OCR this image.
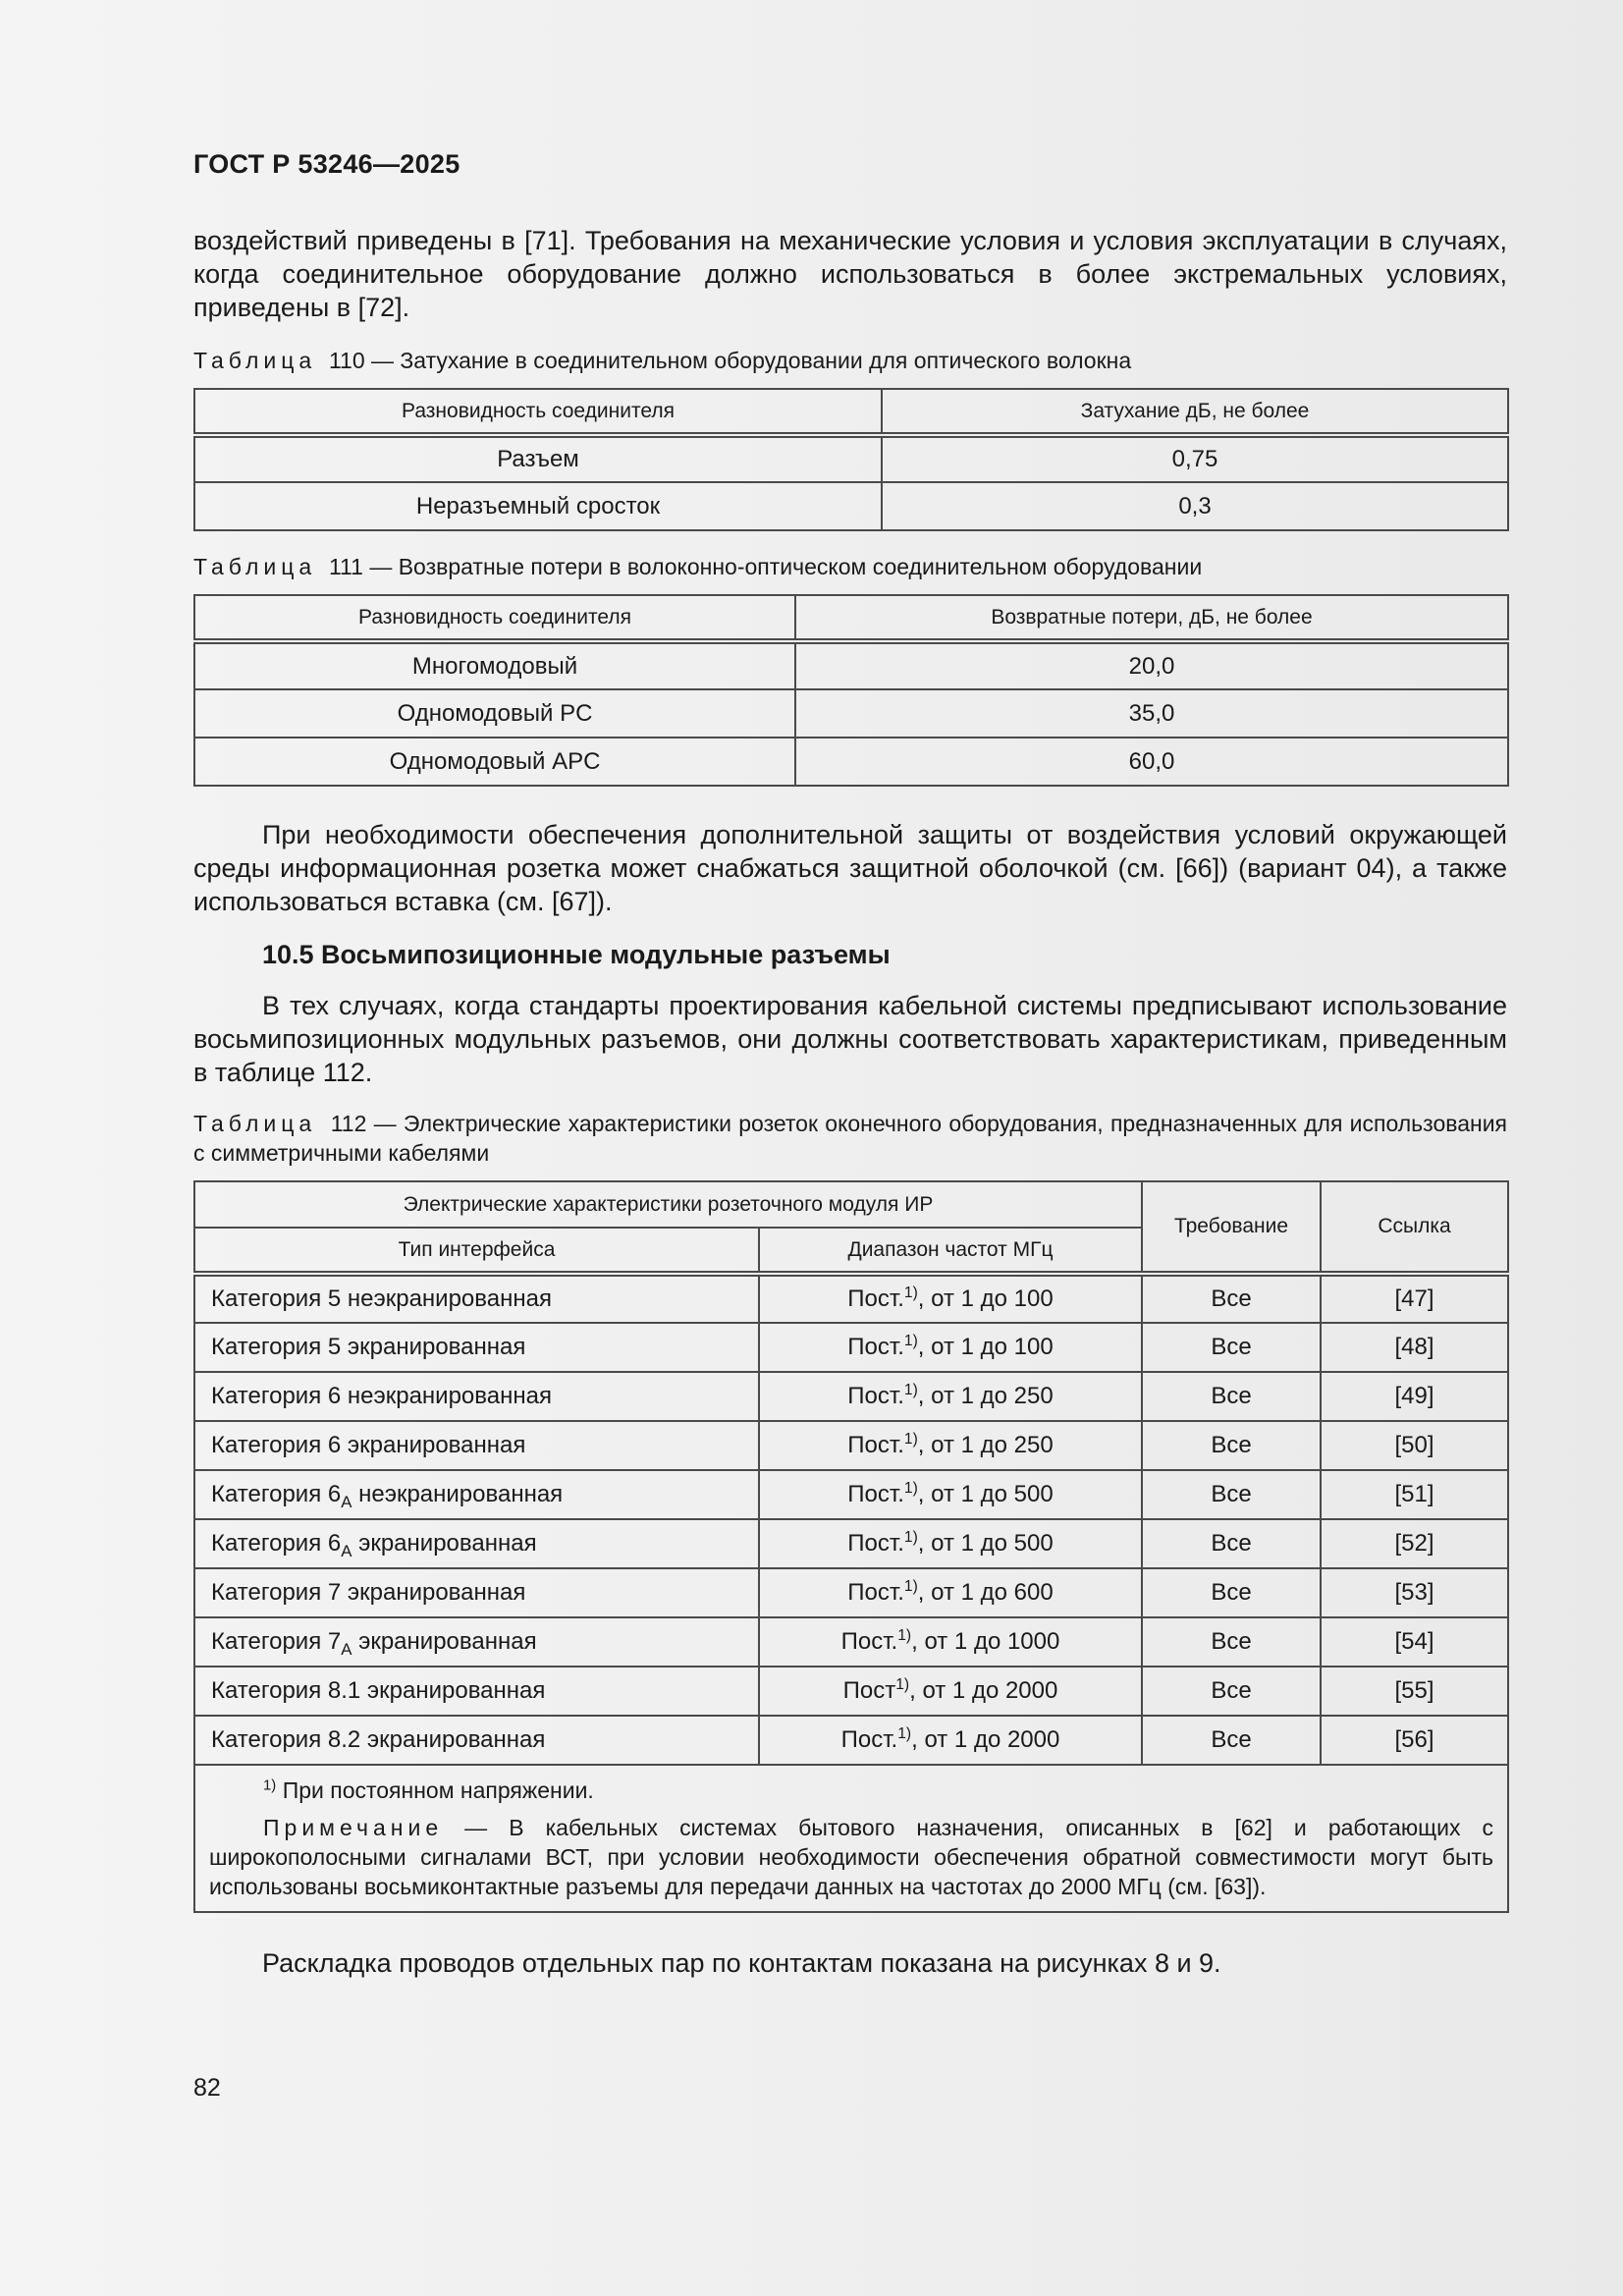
ГОСТ Р 53246—2025
воздействий приведены в [71]. Требования на механические условия и условия эксплуатации в случаях, когда соединительное оборудование должно использоваться в более экстремальных условиях, приведены в [72].
Таблица 110 — Затухание в соединительном оборудовании для оптического волокна
Разновидность соединителя	Затухание дБ, не более
Разъем	0,75
Неразъемный сросток	0,3
Таблица 111 — Возвратные потери в волоконно-оптическом соединительном оборудовании
Разновидность соединителя	Возвратные потери, дБ, не более
Многомодовый	20,0
Одномодовый PC	35,0
Одномодовый APC	60,0
При необходимости обеспечения дополнительной защиты от воздействия условий окружающей среды информационная розетка может снабжаться защитной оболочкой (см. [66]) (вариант 04), а также использоваться вставка (см. [67]).
10.5 Восьмипозиционные модульные разъемы
В тех случаях, когда стандарты проектирования кабельной системы предписывают использование восьмипозиционных модульных разъемов, они должны соответствовать характеристикам, приведенным в таблице 112.
Таблица 112 — Электрические характеристики розеток оконечного оборудования, предназначенных для использования с симметричными кабелями
Электрические характеристики розеточного модуля ИР		Требование	Ссылка
Тип интерфейса	Диапазон частот МГц		
Категория 5 неэкранированная	Пост.$^{1)}$, от 1 до 100	Все	[47]
Категория 5 экранированная	Пост.$^{1)}$, от 1 до 100	Все	[48]
Категория 6 неэкранированная	Пост.$^{1)}$, от 1 до 250	Все	[49]
Категория 6 экранированная	Пост.$^{1)}$, от 1 до 250	Все	[50]
Категория $6_A$ неэкранированная	Пост.$^{1)}$, от 1 до 500	Все	[51]
Категория $6_A$ экранированная	Пост.$^{1)}$, от 1 до 500	Все	[52]
Категория 7 экранированная	Пост.$^{1)}$, от 1 до 600	Все	[53]
Категория $7_A$ экранированная	Пост.$^{1)}$, от 1 до 1000	Все	[54]
Категория 8.1 экранированная	Пост$^{1)}$, от 1 до 2000	Все	[55]
Категория 8.2 экранированная	Пост.$^{1)}$, от 1 до 2000	Все	[56]

$^{1)}$ При постоянном напряжении.
Примечание — В кабельных системах бытового назначения, описанных в [62] и работающих с широкополосными сигналами ВСТ, при условии необходимости обеспечения обратной совместимости могут быть использованы восьмиконтактные разъемы для передачи данных на частотах до 2000 МГц (см. [63]).			
Раскладка проводов отдельных пар по контактам показана на рисунках 8 и 9.
82
